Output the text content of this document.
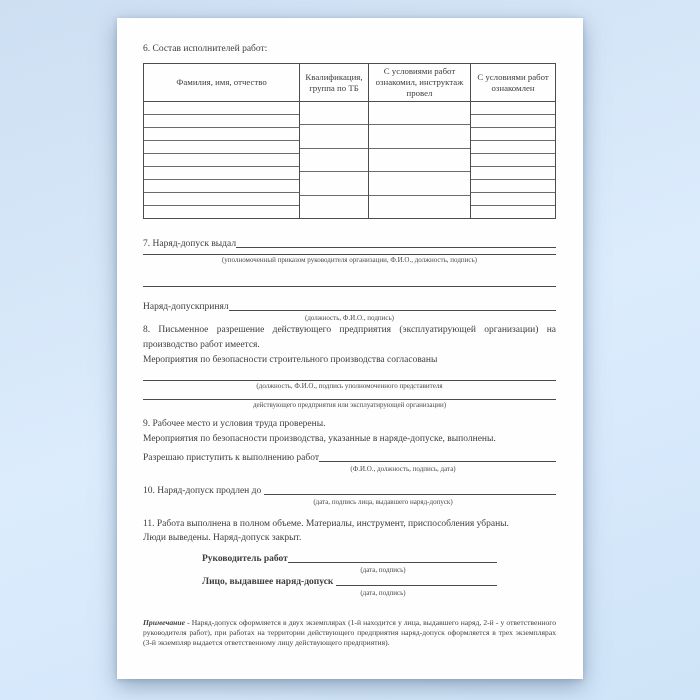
6. Состав исполнителей работ:
Фамилия, имя, отчество
Квалификация, группа по ТБ
С условиями работ ознакомил, инструктаж провел
С условиями работ ознакомлен
7. Наряд-допуск выдал
(уполномоченный приказом руководителя организации, Ф.И.О., должность, подпись)
Наряд-допускпринял
(должность, Ф.И.О., подпись)

8. Письменное разрешение действующего предприятия (эксплуатирующей организации) на производство работ имеется.

Мероприятия по безопасности строительного производства согласованы
(должность, Ф.И.О., подпись уполномоченного представителя
действующего предприятия или эксплуатирующей организации)

9. Рабочее место и условия труда проверены.
Мероприятия по безопасности производства, указанные в наряде-допуске, выполнены.

Разрешаю приступить к выполнению работ
(Ф.И.О., должность, подпись, дата)
10. Наряд-допуск продлен до
(дата, подпись лица, выдавшего наряд-допуск)

11. Работа выполнена в полном объеме. Материалы, инструмент, приспособления убраны.
Люди выведены. Наряд-допуск закрыт.

Руководитель работ
(дата, подпись)
Лицо, выдавшее наряд-допуск
(дата, подпись)
Примечание - Наряд-допуск оформляется в двух экземплярах (1-й находится у лица, выдавшего наряд, 2-й - у ответственного руководителя работ), при работах на территории действующего предприятия наряд-допуск оформляется в трех экземплярах (3-й экземпляр выдается ответственному лицу действующего предприятия).
